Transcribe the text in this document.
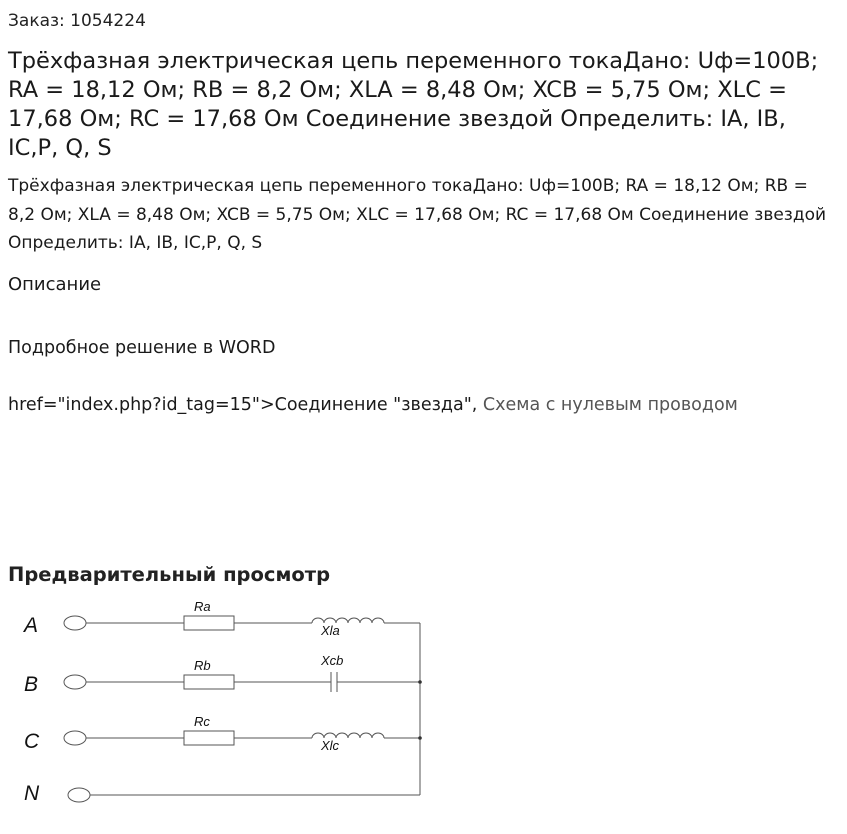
Заказ: 1054224
Трёхфазная электрическая цепь переменного токаДано: Uф=100В; RA = 18,12 Ом; RB = 8,2 Ом; XLA = 8,48 Ом; XCB = 5,75 Ом; XLC = 17,68 Ом; RC = 17,68 Ом Соединение звездой Определить: IA, IB, IC,P, Q, S
Трёхфазная электрическая цепь переменного токаДано: Uф=100В; RA = 18,12 Ом; RB = 8,2 Ом; XLA = 8,48 Ом; XCB = 5,75 Ом; XLC = 17,68 Ом; RC = 17,68 Ом Соединение звездой Определить: IA, IB, IC,P, Q, S
Описание
Подробное решение в WORD
href="index.php?id_tag=15">Соединение "звезда", Схема с нулевым проводом
Предварительный просмотр
A
B
C
N
Ra
Rb
Rc
Xla
Xcb
Xlc
